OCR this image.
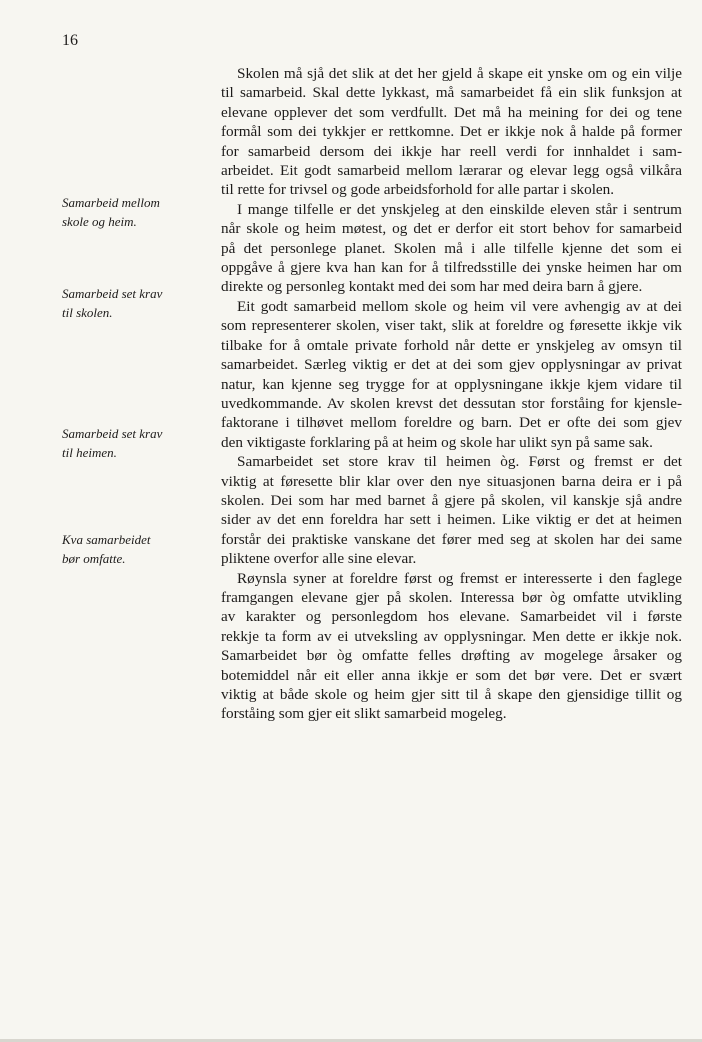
16
Samarbeid mellom
skole og heim.
Samarbeid set krav
til skolen.
Samarbeid set krav
til heimen.
Kva samarbeidet
bør omfatte.

Skolen må sjå det slik at det her gjeld å skape eit ynske om og ein vilje
til samarbeid. Skal dette lykkast, må samarbeidet få ein slik funksjon at
elevane opplever det som verdfullt. Det må ha meining for dei og tene
formål som dei tykkjer er rettkomne. Det er ikkje nok å halde på former
for samarbeid dersom dei ikkje har reell verdi for innhaldet i sam-
arbeidet. Eit godt samarbeid mellom lærarar og elevar legg også vilkåra
til rette for trivsel og gode arbeidsforhold for alle partar i skolen.

I mange tilfelle er det ynskjeleg at den einskilde eleven står i sentrum
når skole og heim møtest, og det er derfor eit stort behov for samarbeid
på det personlege planet. Skolen må i alle tilfelle kjenne det som ei
oppgåve å gjere kva han kan for å tilfredsstille dei ynske heimen har om
direkte og personleg kontakt med dei som har med deira barn å gjere.

Eit godt samarbeid mellom skole og heim vil vere avhengig av at dei
som representerer skolen, viser takt, slik at foreldre og føresette ikkje vik
tilbake for å omtale private forhold når dette er ynskjeleg av omsyn til
samarbeidet. Særleg viktig er det at dei som gjev opplysningar av privat
natur, kan kjenne seg trygge for at opplysningane ikkje kjem vidare til
uvedkommande. Av skolen krevst det dessutan stor forståing for kjensle-
faktorane i tilhøvet mellom foreldre og barn. Det er ofte dei som gjev
den viktigaste forklaring på at heim og skole har ulikt syn på same sak.

Samarbeidet set store krav til heimen òg. Først og fremst er det
viktig at føresette blir klar over den nye situasjonen barna deira er i på
skolen. Dei som har med barnet å gjere på skolen, vil kanskje sjå andre
sider av det enn foreldra har sett i heimen. Like viktig er det at heimen
forstår dei praktiske vanskane det fører med seg at skolen har dei same
pliktene overfor alle sine elevar.

Røynsla syner at foreldre først og fremst er interesserte i den faglege
framgangen elevane gjer på skolen. Interessa bør òg omfatte utvikling
av karakter og personlegdom hos elevane. Samarbeidet vil i første
rekkje ta form av ei utveksling av opplysningar. Men dette er ikkje nok.
Samarbeidet bør òg omfatte felles drøfting av mogelege årsaker og
botemiddel når eit eller anna ikkje er som det bør vere. Det er svært
viktig at både skole og heim gjer sitt til å skape den gjensidige tillit og
forståing som gjer eit slikt samarbeid mogeleg.
